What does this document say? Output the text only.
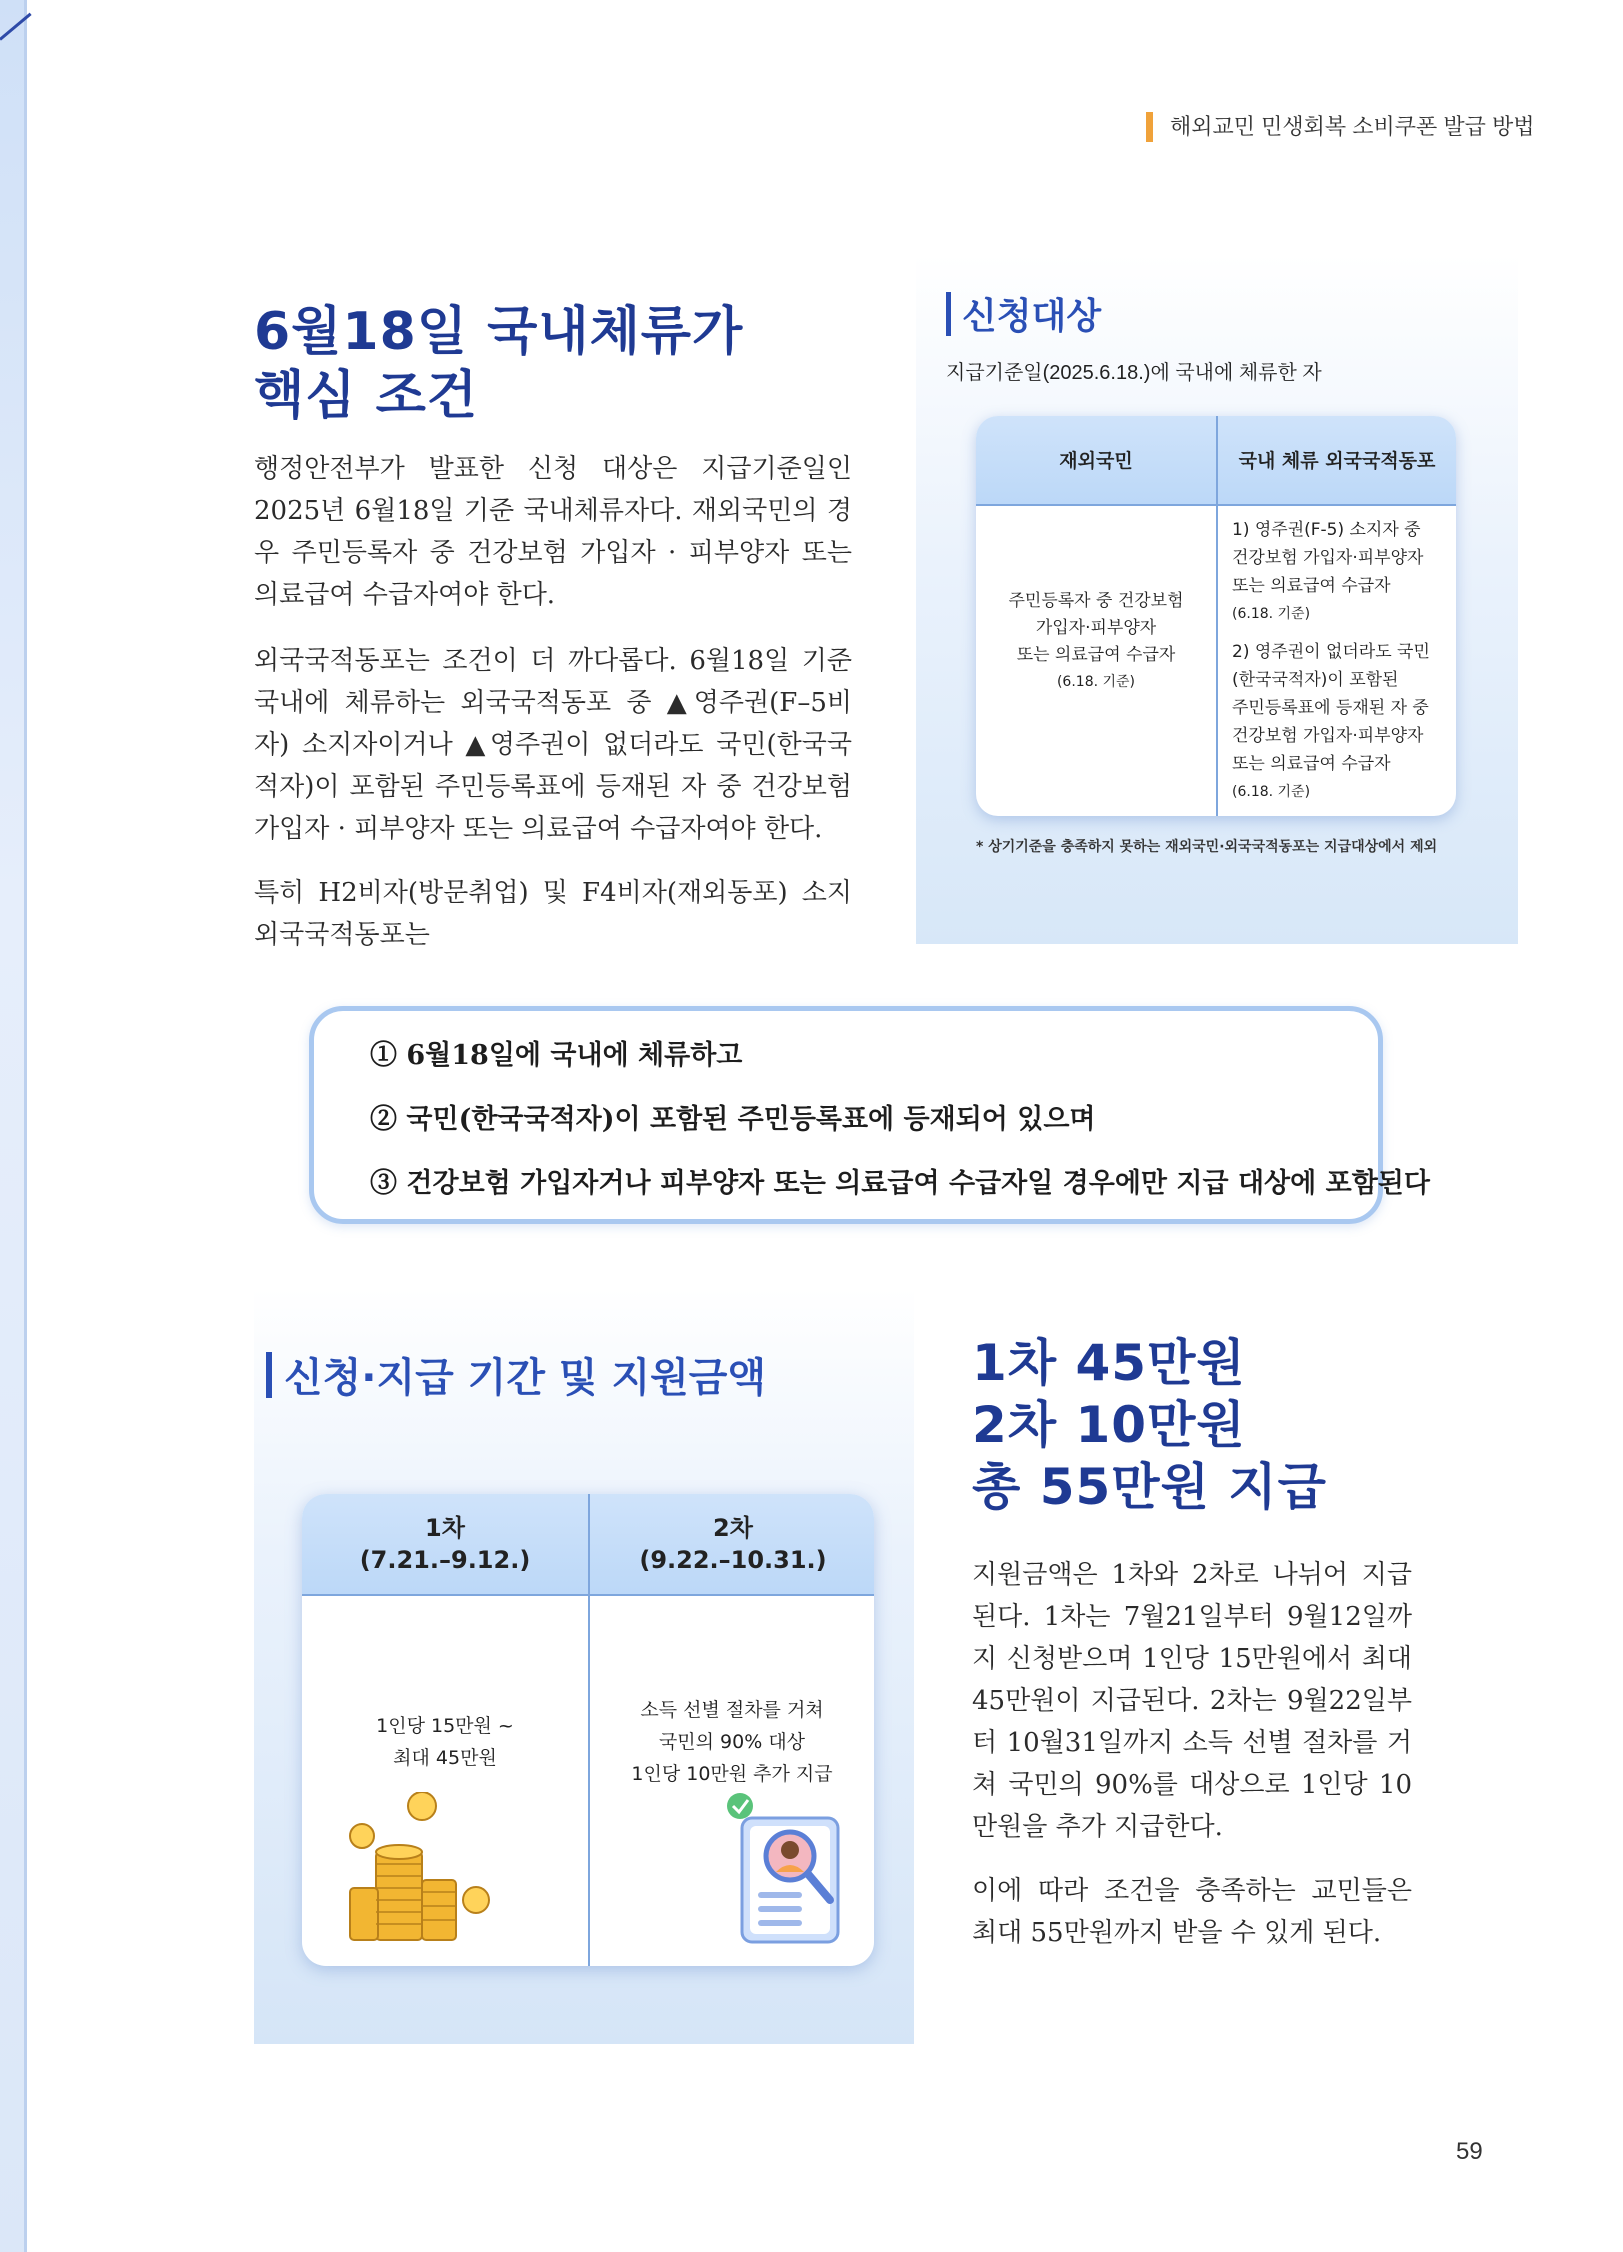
해외교민 민생회복 소비쿠폰 발급 방법
6월18일 국내체류가
핵심 조건
행정안전부가 발표한 신청 대상은 지급기준일인 2025년 6월18일 기준 국내체류자다. 재외국민의 경우 주민등록자 중 건강보험 가입자 · 피부양자 또는 의료급여 수급자여야 한다.
외국국적동포는 조건이 더 까다롭다. 6월18일 기준 국내에 체류하는 외국국적동포 중 ▲영주권(F–5비자) 소지자이거나 ▲영주권이 없더라도 국민(한국국적자)이 포함된 주민등록표에 등재된 자 중 건강보험 가입자 · 피부양자 또는 의료급여 수급자여야 한다.
특히 H2비자(방문취업) 및 F4비자(재외동포) 소지 외국국적동포는
신청대상
지급기준일(2025.6.18.)에 국내에 체류한 자
재외국민	국내 체류 외국국적동포
주민등록자 중 건강보험
가입자·피부양자
또는 의료급여 수급자
(6.18. 기준)
1) 영주권(F-5) 소지자 중
건강보험 가입자·피부양자
또는 의료급여 수급자
(6.18. 기준)
2) 영주권이 없더라도 국민
(한국국적자)이 포함된
주민등록표에 등재된 자 중
건강보험 가입자·피부양자
또는 의료급여 수급자
(6.18. 기준)
* 상기기준을 충족하지 못하는 재외국민·외국국적동포는 지급대상에서 제외
① 6월18일에 국내에 체류하고
② 국민(한국국적자)이 포함된 주민등록표에 등재되어 있으며
③ 건강보험 가입자거나 피부양자 또는 의료급여 수급자일 경우에만 지급 대상에 포함된다
신청·지급 기간 및 지원금액
1차
(7.21.–9.12.)
2차
(9.22.–10.31.)
1인당 15만원 ~
최대 45만원
소득 선별 절차를 거쳐
국민의 90% 대상
1인당 10만원 추가 지급
1차 45만원
2차 10만원
총 55만원 지급
지원금액은 1차와 2차로 나뉘어 지급된다. 1차는 7월21일부터 9월12일까지 신청받으며 1인당 15만원에서 최대 45만원이 지급된다. 2차는 9월22일부터 10월31일까지 소득 선별 절차를 거쳐 국민의 90%를 대상으로 1인당 10만원을 추가 지급한다.
이에 따라 조건을 충족하는 교민들은 최대 55만원까지 받을 수 있게 된다.
59
